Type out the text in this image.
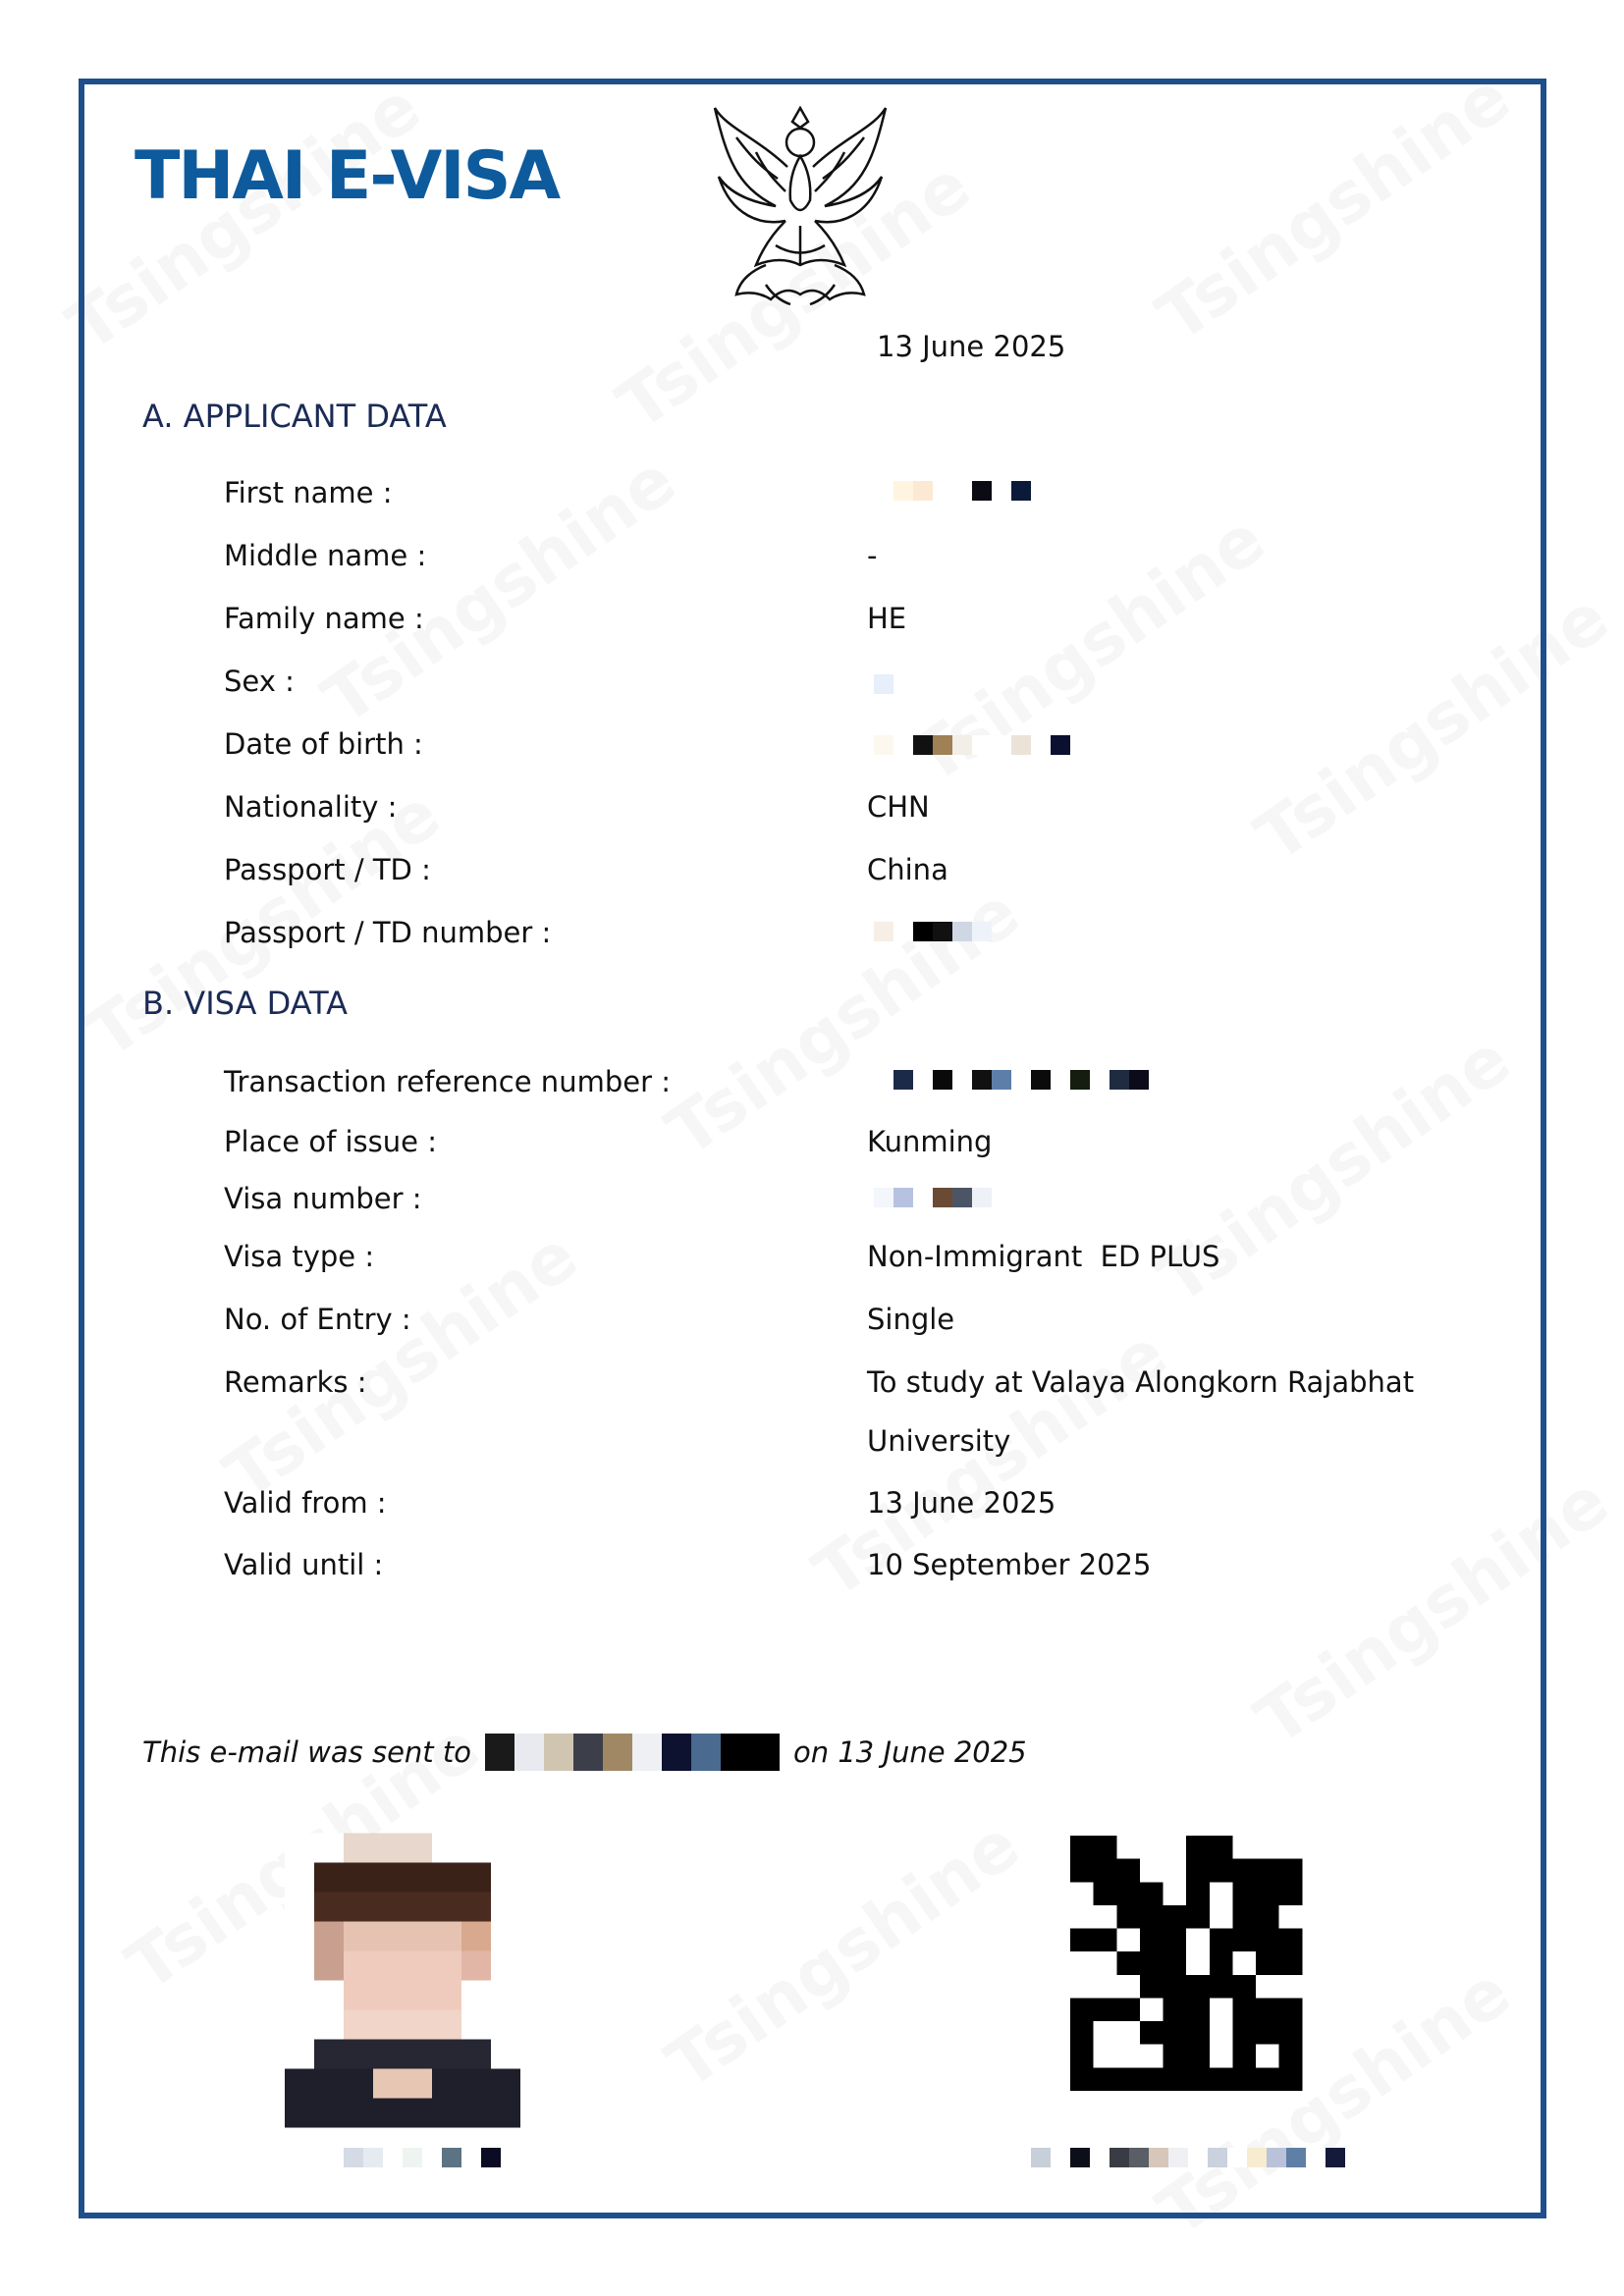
THAI E-VISA
13 June 2025
A. APPLICANT DATA
First name :
Middle name :	-
Family name :	HE
Sex :
Date of birth :
Nationality :	CHN
Passport / TD :	China
Passport / TD number :
B. VISA DATA
Transaction reference number :
Place of issue :	Kunming
Visa number :
Visa type :	Non-Immigrant  ED PLUS
No. of Entry :	Single
Remarks :	To study at Valaya Alongkorn Rajabhat
University
Valid from :	13 June 2025
Valid until :	10 September 2025
This e-mail was sent to	on 13 June 2025
